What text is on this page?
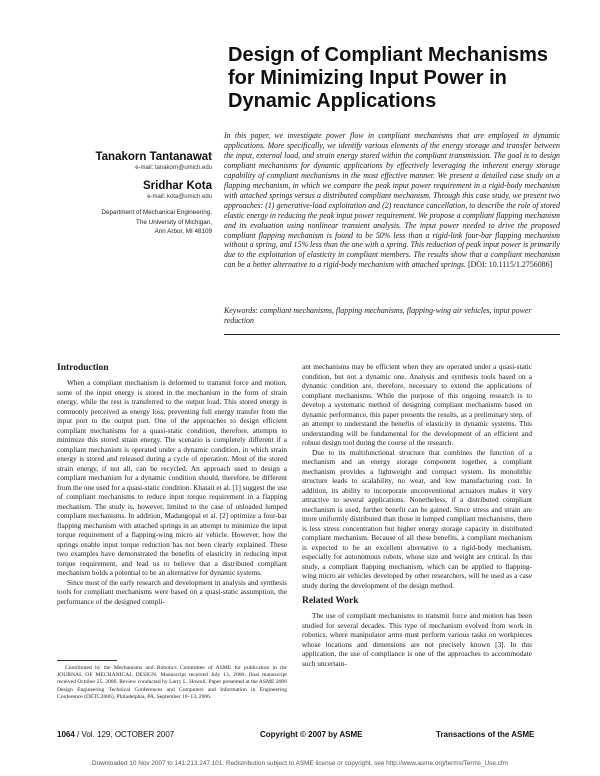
Design of Compliant Mechanisms for Minimizing Input Power in Dynamic Applications
Tanakorn Tantanawat
e-mail: tanakorn@umich.edu
Sridhar Kota
e-mail: kota@umich.edu
Department of Mechanical Engineering,
The University of Michigan,
Ann Arbor, MI 48109
In this paper, we investigate power flow in compliant mechanisms that are employed in dynamic applications. More specifically, we identify various elements of the energy storage and transfer between the input, external load, and strain energy stored within the compliant transmission. The goal is to design compliant mechanisms for dynamic applications by effectively leveraging the inherent energy storage capability of compliant mechanisms in the most effective manner. We present a detailed case study on a flapping mechanism, in which we compare the peak input power requirement in a rigid-body mechanism with attached springs versus a distributed compliant mechanism. Through this case study, we present two approaches: (1) generative-load exploitation and (2) reactance cancellation, to describe the role of stored elastic energy in reducing the peak input power requirement. We propose a compliant flapping mechanism and its evaluation using nonlinear transient analysis. The input power needed to drive the proposed compliant flapping mechanism is found to be 50% less than a rigid-link four-bar flapping mechanism without a spring, and 15% less than the one with a spring. This reduction of peak input power is primarily due to the exploitation of elasticity in compliant members. The results show that a compliant mechanism can be a better alternative to a rigid-body mechanism with attached springs. [DOI: 10.1115/1.2756086]
Keywords: compliant mechanisms, flapping mechanisms, flapping-wing air vehicles, input power reduction
Introduction

When a compliant mechanism is deformed to transmit force and motion, some of the input energy is stored in the mechanism in the form of strain energy, while the rest is transferred to the output load. This stored energy is commonly perceived as energy loss, preventing full energy transfer from the input port to the output port. One of the approaches to design efficient compliant mechanisms for a quasi-static condition, therefore, attempts to minimize this stored strain energy. The scenario is completely different if a compliant mechanism is operated under a dynamic condition, in which strain energy is stored and released during a cycle of operation. Most of the stored strain energy, if not all, can be recycled. An approach used to design a compliant mechanism for a dynamic condition should, therefore, be different from the one used for a quasi-static condition. Khatait et al. [1] suggest the use of compliant mechanisms to reduce input torque requirement in a flapping mechanism. The study is, however, limited to the case of unloaded lumped compliant mechanisms. In addition, Madangopal et al. [2] optimize a four-bar flapping mechanism with attached springs in an attempt to minimize the input torque requirement of a flapping-wing micro air vehicle. However, how the springs enable input torque reduction has not been clearly explained. These two examples have demonstrated the benefits of elasticity in reducing input torque requirement, and lead us to believe that a distributed compliant mechanism holds a potential to be an alternative for dynamic systems.

Since most of the early research and development in analysis and synthesis tools for compliant mechanisms were based on a quasi-static assumption, the performance of the designed compli-

ant mechanisms may be efficient when they are operated under a quasi-static condition, but not a dynamic one. Analysis and synthesis tools based on a dynamic condition are, therefore, necessary to extend the applications of compliant mechanisms. While the purpose of this ongoing research is to develop a systematic method of designing compliant mechanisms based on dynamic performance, this paper presents the results, as a preliminary step, of an attempt to understand the benefits of elasticity in dynamic systems. This understanding will be fundamental for the development of an efficient and robust design tool during the course of the research.

Due to its multifunctional structure that combines the function of a mechanism and an energy storage component together, a compliant mechanism provides a lightweight and compact system. Its monolithic structure leads to scalability, no wear, and low manufacturing cost. In addition, its ability to incorporate unconventional actuators makes it very attractive to several applications. Nonetheless, if a distributed compliant mechanism is used, further benefit can be gained. Since stress and strain are more uniformly distributed than those in lumped compliant mechanisms, there is less stress concentration but higher energy storage capacity in distributed compliant mechanism. Because of all these benefits, a compliant mechanism is expected to be an excellent alternative to a rigid-body mechanism, especially for autonomous robots, whose size and weight are critical. In this study, a compliant flapping mechanism, which can be applied to flapping-wing micro air vehicles developed by other researchers, will be used as a case study during the development of the design method.

Related Work

The use of compliant mechanisms to transmit force and motion has been studied for several decades. This type of mechanism evolved from work in robotics, where manipulator arms must perform various tasks on workpieces whose locations and dimensions are not precisely known [3]. In this application, the use of compliance is one of the approaches to accommodate such uncertain-

Contributed by the Mechanisms and Robotics Committee of ASME for publication in the JOURNAL OF MECHANICAL DESIGN. Manuscript received July 13, 2006; final manuscript received October 25, 2006. Review conducted by Larry L. Howell. Paper presented at the ASME 2006 Design Engineering Technical Conferences and Computers and Information in Engineering Conference (DETC2006), Philadelphia, PA, September 10–13, 2006.
1064 / Vol. 129, OCTOBER 2007	Copyright © 2007 by ASME	Transactions of the ASME
Downloaded 10 Nov 2007 to 141.213.247.101. Redistribution subject to ASME license or copyright, see http://www.asme.org/terms/Terms_Use.cfm
